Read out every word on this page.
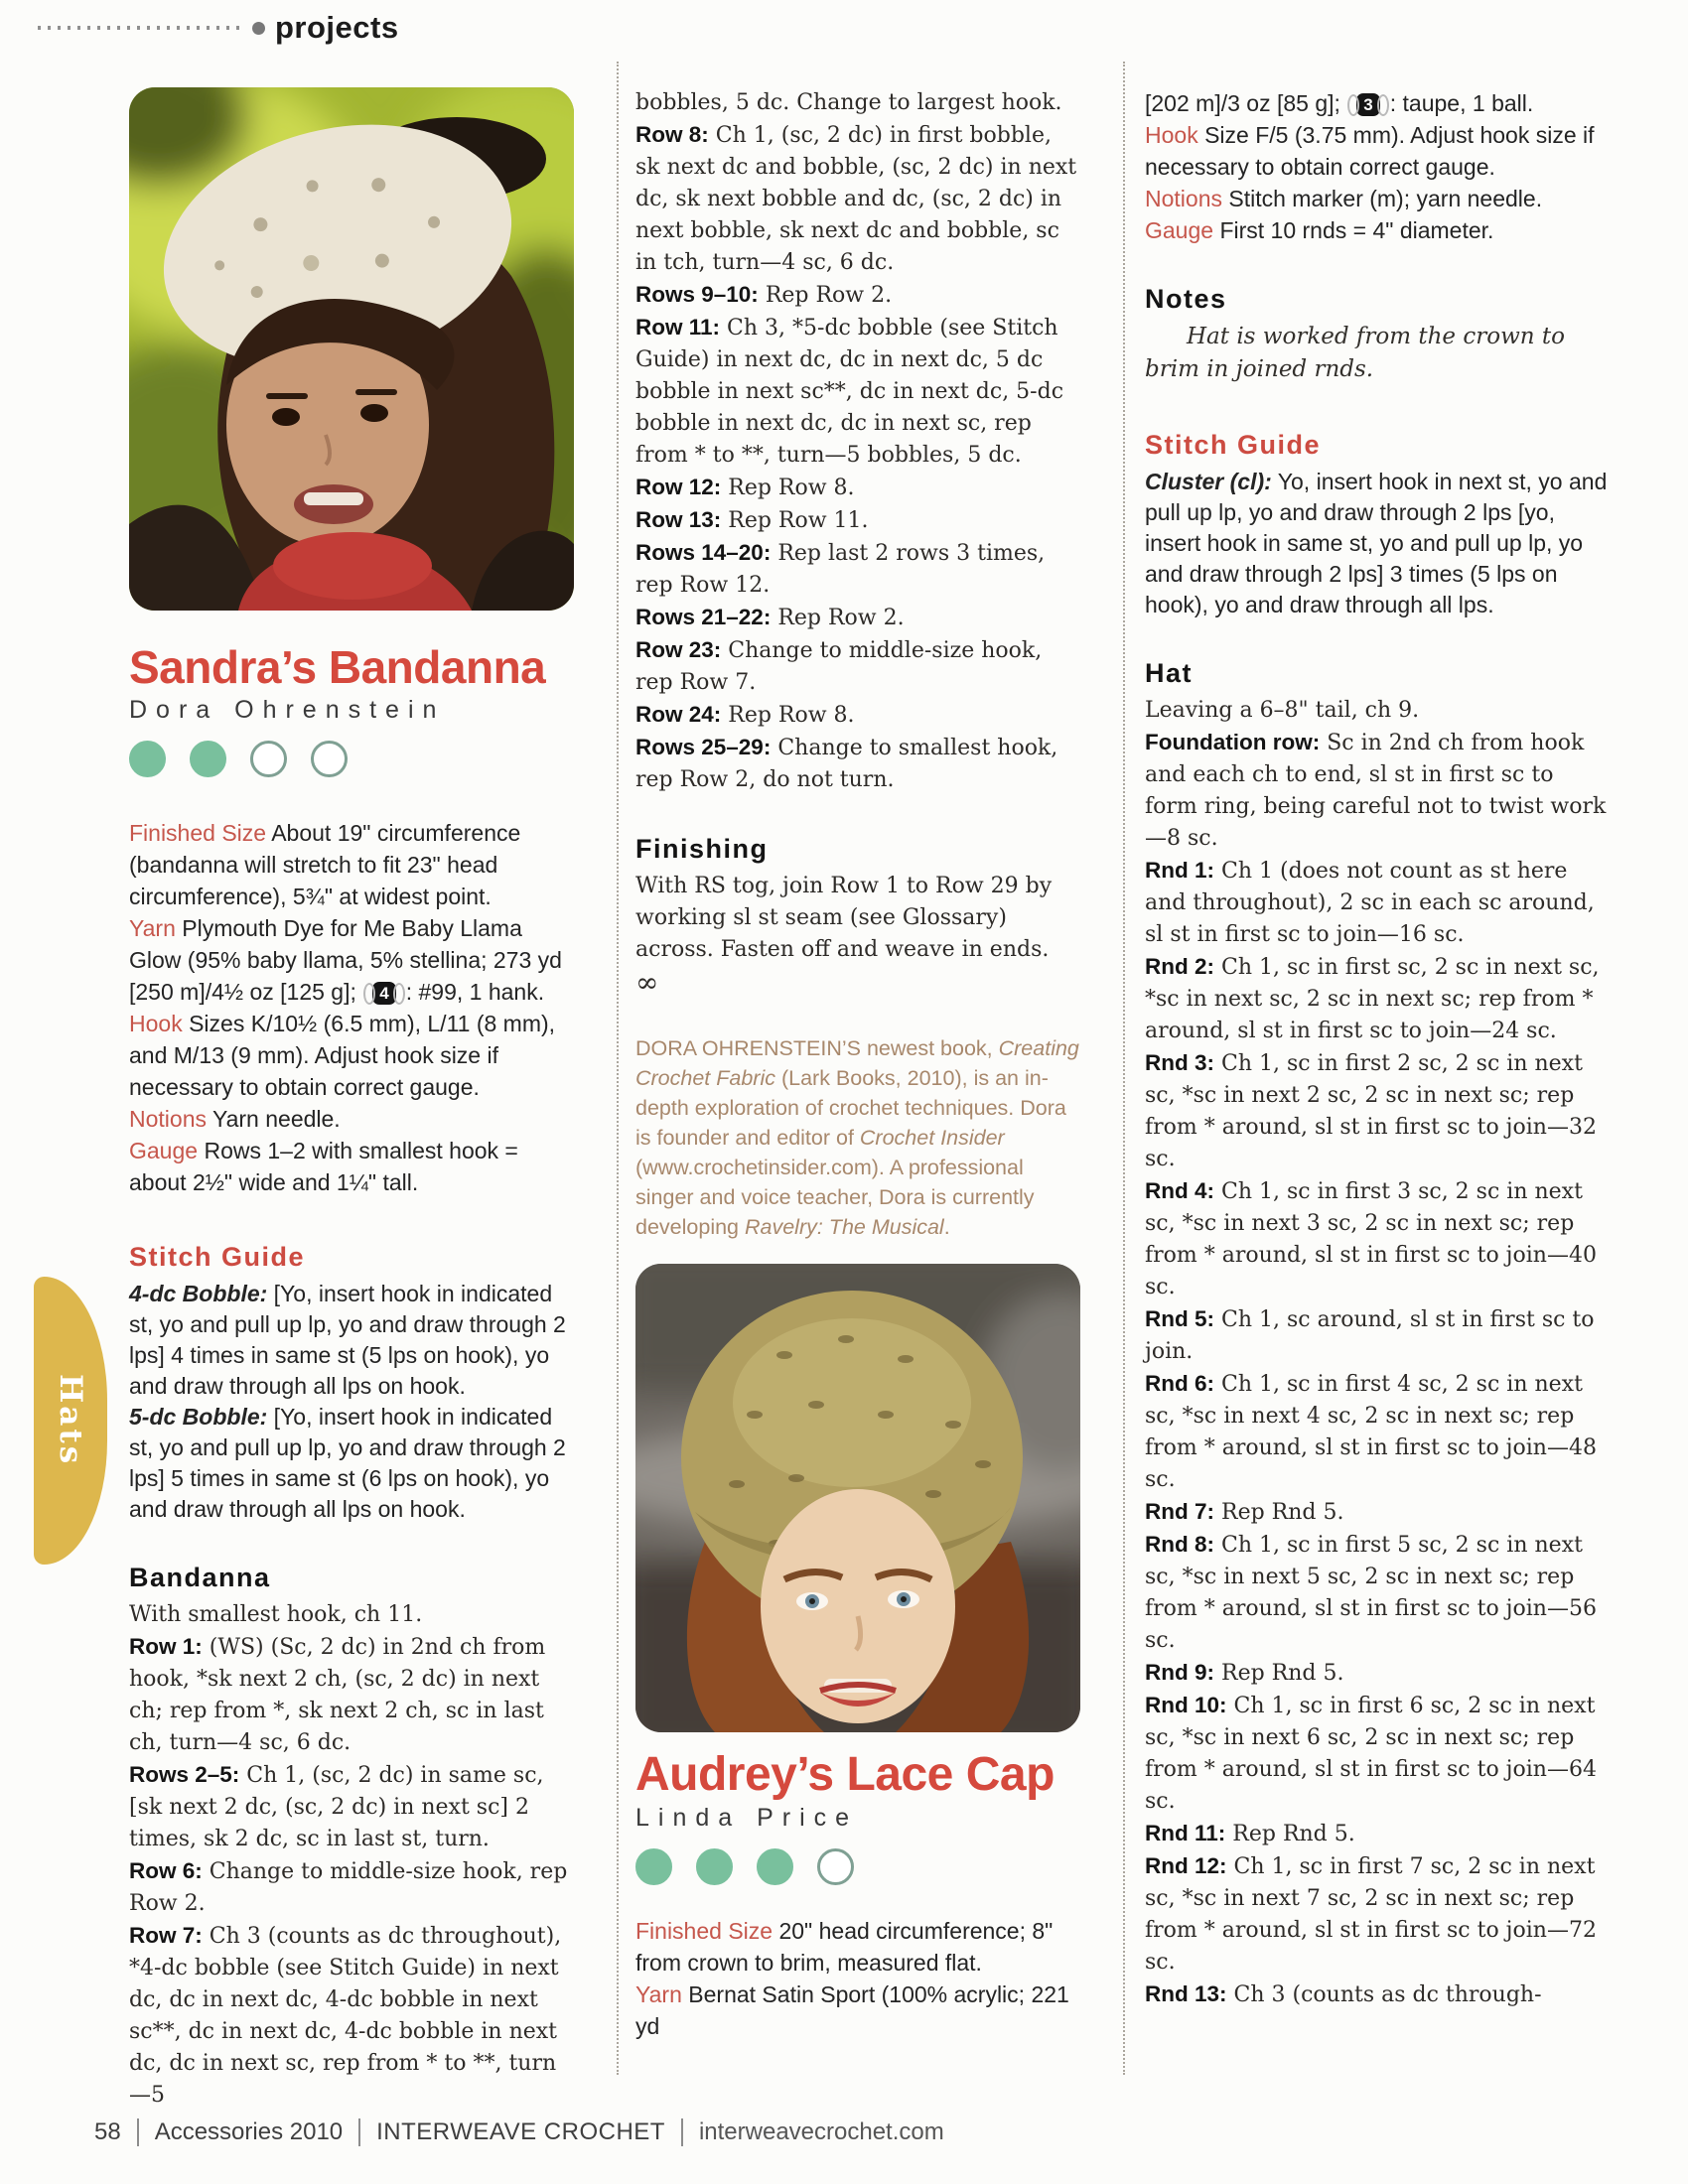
projects
Hats
Sandra’s Bandanna
Dora Ohrenstein

Finished Size About 19" circumference (bandanna will stretch to fit 23" head circumference), 5¾" at widest point.

Yarn Plymouth Dye for Me Baby Llama Glow (95% baby llama, 5% stellina; 273 yd [250 m]/4½ oz [125 g]; 4 : #99, 1 hank.

Hook Sizes K/10½ (6.5 mm), L/11 (8 mm), and M/13 (9 mm). Adjust hook size if necessary to obtain correct gauge.

Notions Yarn needle.

Gauge Rows 1–2 with smallest hook = about 2½" wide and 1¼" tall.

Stitch Guide

4-dc Bobble: [Yo, insert hook in indicated st, yo and pull up lp, yo and draw through 2 lps] 4 times in same st (5 lps on hook), yo and draw through all lps on hook.

5-dc Bobble: [Yo, insert hook in indicated st, yo and pull up lp, yo and draw through 2 lps] 5 times in same st (6 lps on hook), yo and draw through all lps on hook.

Bandanna

With smallest hook, ch 11.

Row 1: (WS) (Sc, 2 dc) in 2nd ch from hook, *sk next 2 ch, (sc, 2 dc) in next ch; rep from *, sk next 2 ch, sc in last ch, turn—4 sc, 6 dc.

Rows 2–5: Ch 1, (sc, 2 dc) in same sc, [sk next 2 dc, (sc, 2 dc) in next sc] 2 times, sk 2 dc, sc in last st, turn.

Row 6: Change to middle-size hook, rep Row 2.

Row 7: Ch 3 (counts as dc throughout), *4-dc bobble (see Stitch Guide) in next dc, dc in next dc, 4-dc bobble in next sc**, dc in next dc, 4-dc bobble in next dc, dc in next sc, rep from * to **, turn—5

bobbles, 5 dc. Change to largest hook.

Row 8: Ch 1, (sc, 2 dc) in first bobble, sk next dc and bobble, (sc, 2 dc) in next dc, sk next bobble and dc, (sc, 2 dc) in next bobble, sk next dc and bobble, sc in tch, turn—4 sc, 6 dc.

Rows 9–10: Rep Row 2.

Row 11: Ch 3, *5-dc bobble (see Stitch Guide) in next dc, dc in next dc, 5 dc bobble in next sc**, dc in next dc, 5-dc bobble in next dc, dc in next sc, rep from * to **, turn—5 bobbles, 5 dc.

Row 12: Rep Row 8.

Row 13: Rep Row 11.

Rows 14–20: Rep last 2 rows 3 times, rep Row 12.

Rows 21–22: Rep Row 2.

Row 23: Change to middle-size hook, rep Row 7.

Row 24: Rep Row 8.

Rows 25–29: Change to smallest hook, rep Row 2, do not turn.

Finishing

With RS tog, join Row 1 to Row 29 by working sl st seam (see Glossary) across. Fasten off and weave in ends.

∞

DORA OHRENSTEIN’S newest book, Creating Crochet Fabric (Lark Books, 2010), is an in-depth exploration of crochet techniques. Dora is founder and editor of Crochet Insider (www.crochetinsider.com). A professional singer and voice teacher, Dora is currently developing Ravelry: The Musical.

Audrey’s Lace Cap
Linda Price

Finished Size 20" head circumference; 8" from crown to brim, measured flat.

Yarn Bernat Satin Sport (100% acrylic; 221 yd

[202 m]/3 oz [85 g]; 3 : taupe, 1 ball.

Hook Size F/5 (3.75 mm). Adjust hook size if necessary to obtain correct gauge.

Notions Stitch marker (m); yarn needle.

Gauge First 10 rnds = 4" diameter.

Notes

Hat is worked from the crown to brim in joined rnds.

Stitch Guide

Cluster (cl): Yo, insert hook in next st, yo and pull up lp, yo and draw through 2 lps [yo, insert hook in same st, yo and pull up lp, yo and draw through 2 lps] 3 times (5 lps on hook), yo and draw through all lps.

Hat

Leaving a 6–8" tail, ch 9.

Foundation row: Sc in 2nd ch from hook and each ch to end, sl st in first sc to form ring, being careful not to twist work—8 sc.

Rnd 1: Ch 1 (does not count as st here and throughout), 2 sc in each sc around, sl st in first sc to join—16 sc.

Rnd 2: Ch 1, sc in first sc, 2 sc in next sc, *sc in next sc, 2 sc in next sc; rep from * around, sl st in first sc to join—24 sc.

Rnd 3: Ch 1, sc in first 2 sc, 2 sc in next sc, *sc in next 2 sc, 2 sc in next sc; rep from * around, sl st in first sc to join—32 sc.

Rnd 4: Ch 1, sc in first 3 sc, 2 sc in next sc, *sc in next 3 sc, 2 sc in next sc; rep from * around, sl st in first sc to join—40 sc.

Rnd 5: Ch 1, sc around, sl st in first sc to join.

Rnd 6: Ch 1, sc in first 4 sc, 2 sc in next sc, *sc in next 4 sc, 2 sc in next sc; rep from * around, sl st in first sc to join—48 sc.

Rnd 7: Rep Rnd 5.

Rnd 8: Ch 1, sc in first 5 sc, 2 sc in next sc, *sc in next 5 sc, 2 sc in next sc; rep from * around, sl st in first sc to join—56 sc.

Rnd 9: Rep Rnd 5.

Rnd 10: Ch 1, sc in first 6 sc, 2 sc in next sc, *sc in next 6 sc, 2 sc in next sc; rep from * around, sl st in first sc to join—64 sc.

Rnd 11: Rep Rnd 5.

Rnd 12: Ch 1, sc in first 7 sc, 2 sc in next sc, *sc in next 7 sc, 2 sc in next sc; rep from * around, sl st in first sc to join—72 sc.

Rnd 13: Ch 3 (counts as dc through-

58	Accessories 2010	INTERWEAVE CROCHET	interweavecrochet.com
